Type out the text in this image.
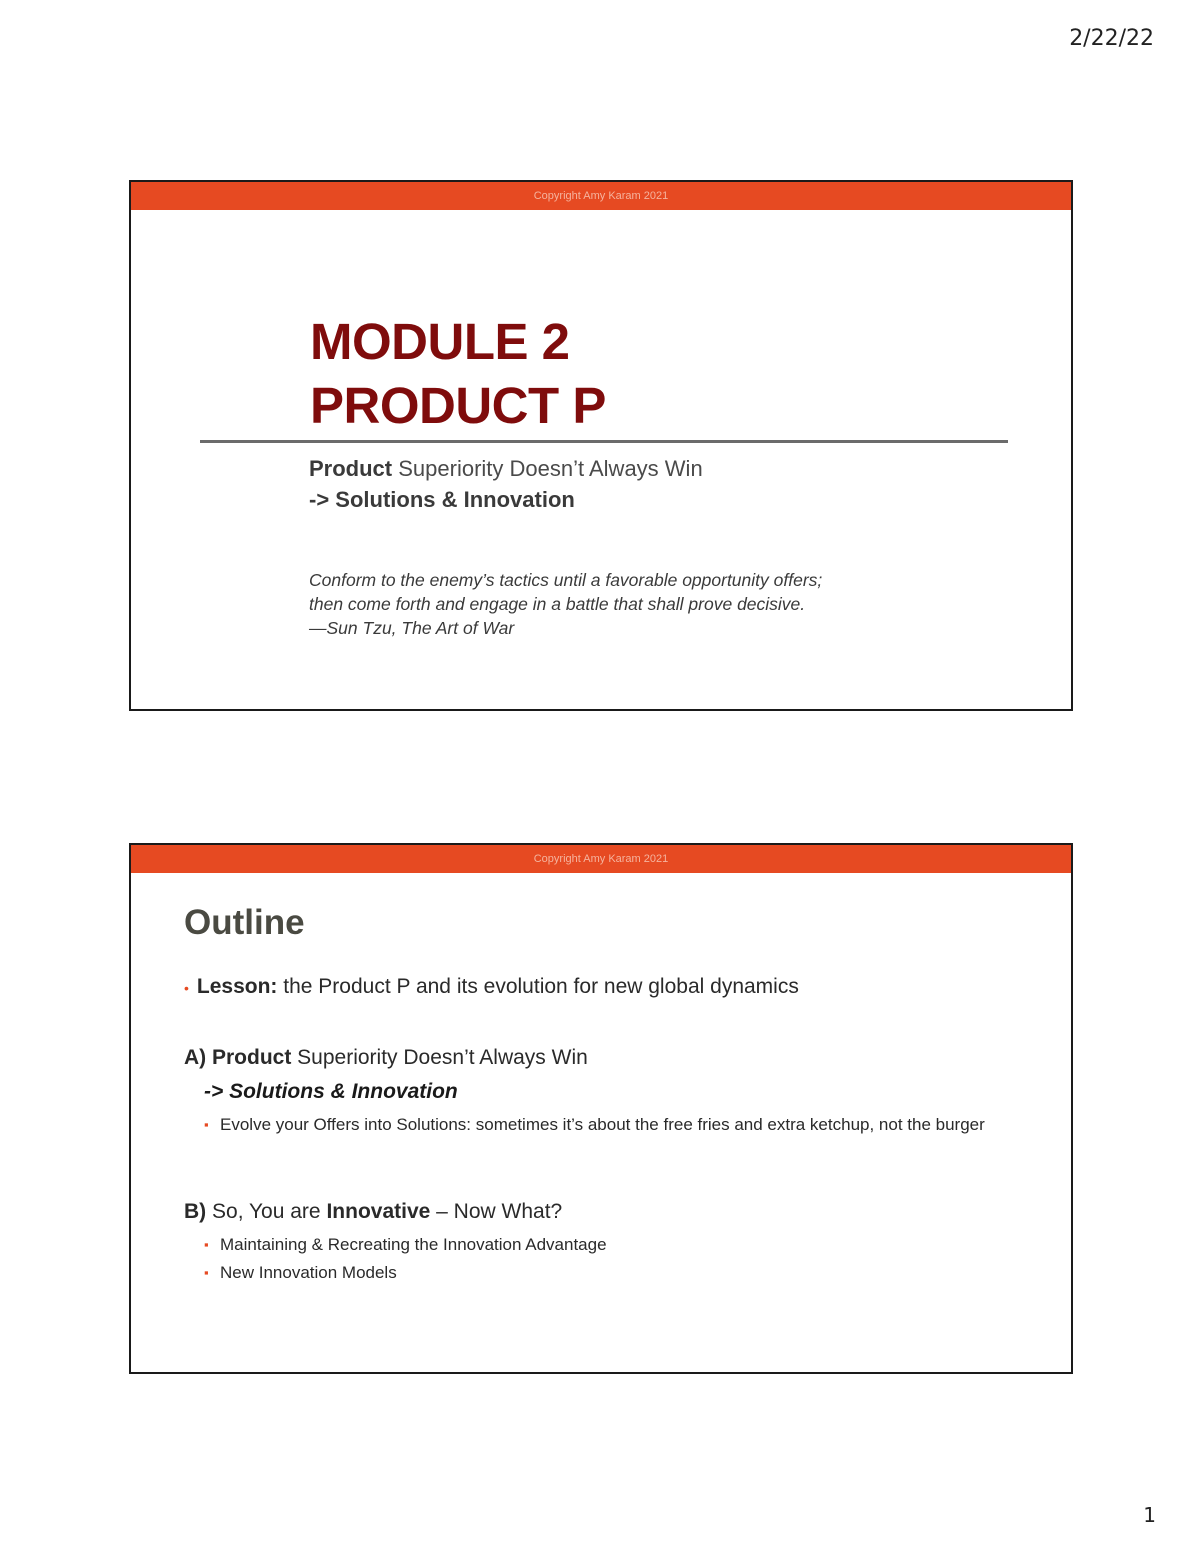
2/22/22
Copyright Amy Karam 2021
MODULE 2
PRODUCT P
Product Superiority Doesn’t Always Win
-> Solutions & Innovation
Conform to the enemy’s tactics until a favorable opportunity offers;
then come forth and engage in a battle that shall prove decisive.
—Sun Tzu, The Art of War
Copyright Amy Karam 2021
Outline
• Lesson: the Product P and its evolution for new global dynamics
A) Product Superiority Doesn’t Always Win
-> Solutions & Innovation
▪ Evolve your Offers into Solutions: sometimes it’s about the free fries and extra ketchup, not the burger
B) So, You are Innovative – Now What?
▪ Maintaining & Recreating the Innovation Advantage
▪ New Innovation Models
1
